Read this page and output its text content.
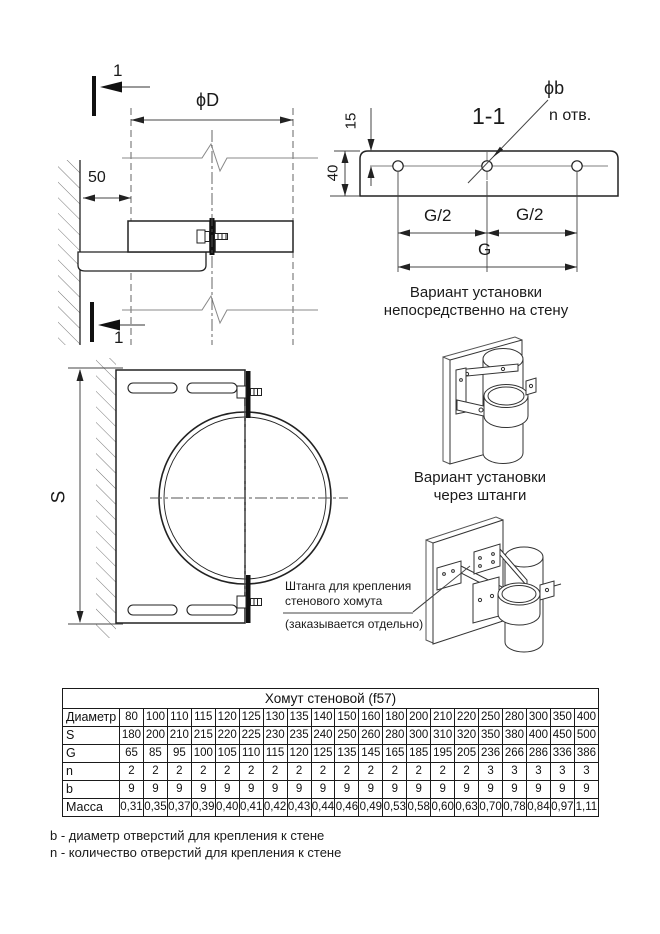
1
1
ϕD
50
1-1
ϕb
n отв.
15
40
G/2	G/2
G
S
Вариант установки
непосредственно на стену
Вариант установки
через штанги
Штанга для крепления
стенового хомута
(заказывается отдельно)
Хомут стеновой (f57)																				
Диаметр	80	100	110	115	120	125	130	135	140	150	160	180	200	210	220	250	280	300	350	400
S	180	200	210	215	220	225	230	235	240	250	260	280	300	310	320	350	380	400	450	500
G	65	85	95	100	105	110	115	120	125	135	145	165	185	195	205	236	266	286	336	386
n	2	2	2	2	2	2	2	2	2	2	2	2	2	2	2	3	3	3	3	3
b	9	9	9	9	9	9	9	9	9	9	9	9	9	9	9	9	9	9	9	9
Масса	0,31	0,35	0,37	0,39	0,40	0,41	0,42	0,43	0,44	0,46	0,49	0,53	0,58	0,60	0,63	0,70	0,78	0,84	0,97	1,11
b - диаметр отверстий для крепления к стене
n - количество отверстий для крепления к стене
